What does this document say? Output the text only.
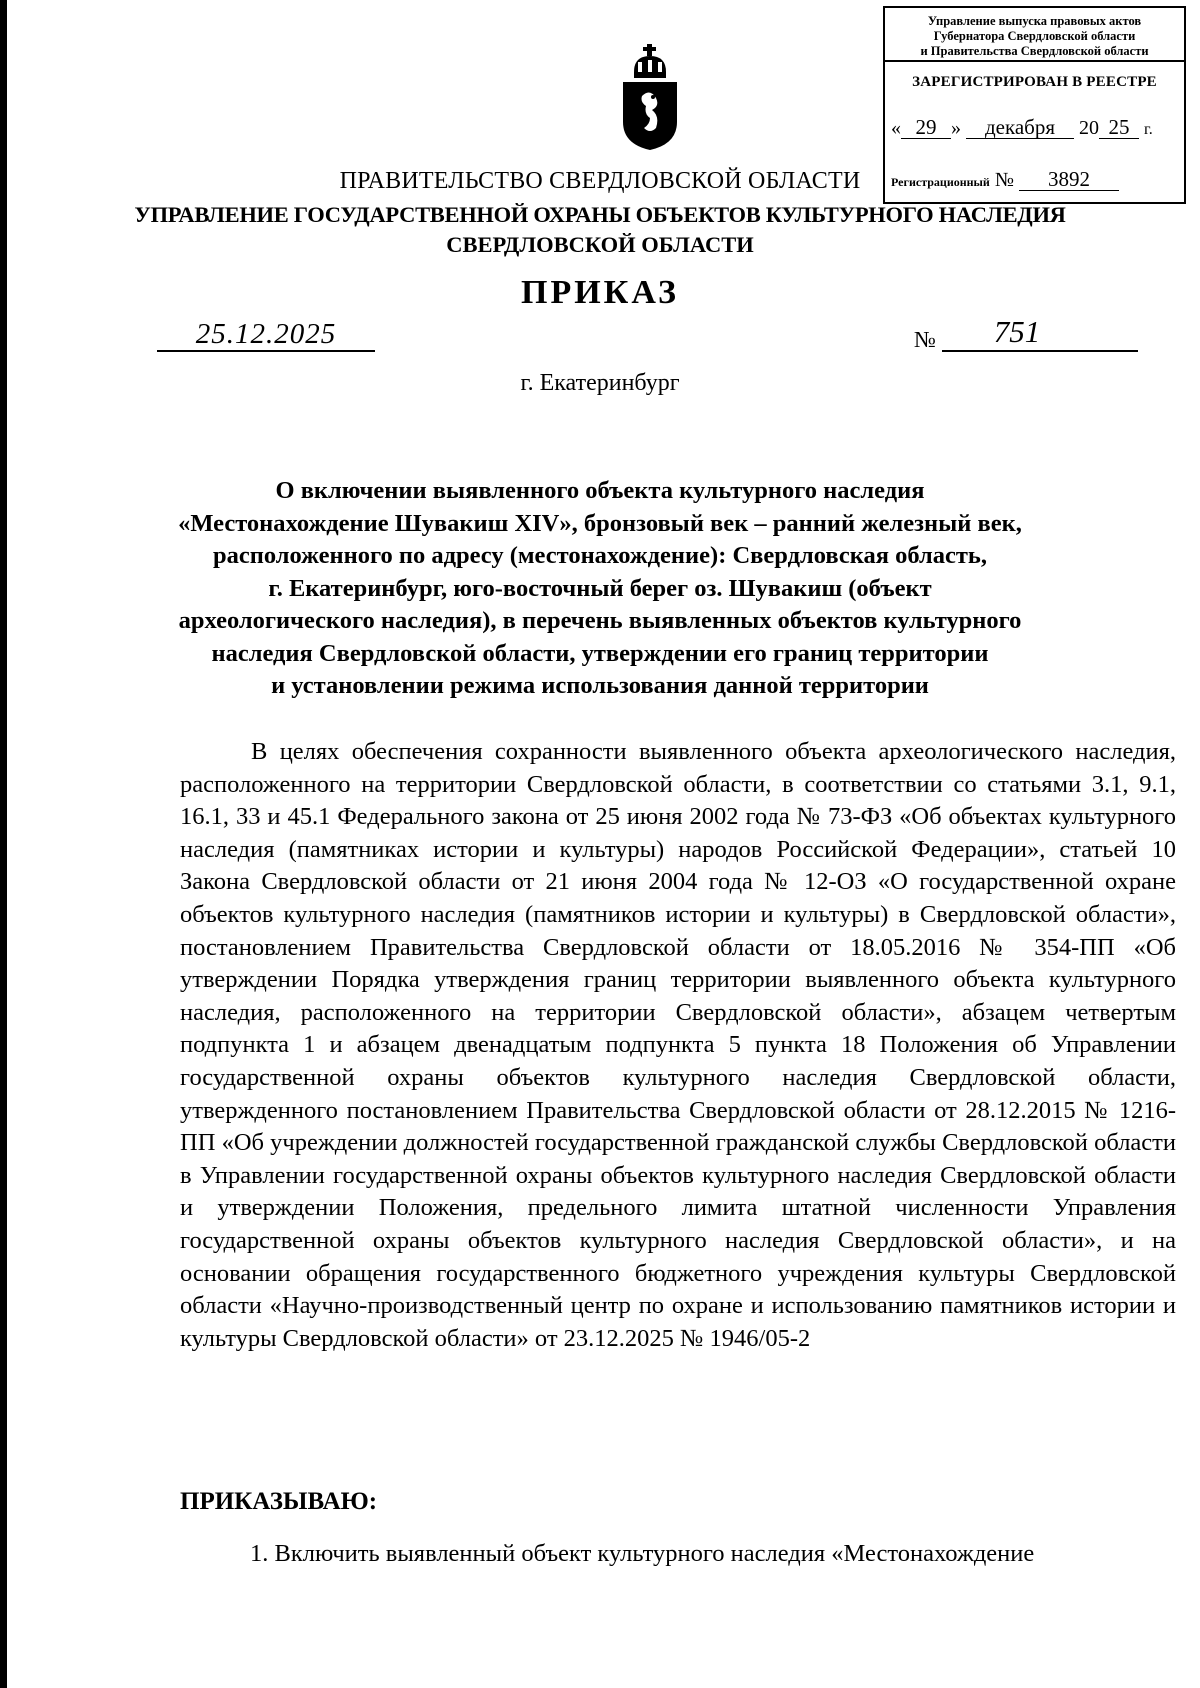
Управление выпуска правовых актов
Губернатора Свердловской области
и Правительства Свердловской области
ЗАРЕГИСТРИРОВАН В РЕЕСТРЕ
« 29 » декабря 20 25 г.
Регистрационный № 3892
ПРАВИТЕЛЬСТВО СВЕРДЛОВСКОЙ ОБЛАСТИ
УПРАВЛЕНИЕ ГОСУДАРСТВЕННОЙ ОХРАНЫ ОБЪЕКТОВ КУЛЬТУРНОГО НАСЛЕДИЯ
СВЕРДЛОВСКОЙ ОБЛАСТИ
ПРИКАЗ
25.12.2025	№	751
г. Екатеринбург
О включении выявленного объекта культурного наследия
«Местонахождение Шувакиш XIV», бронзовый век – ранний железный век,
расположенного по адресу (местонахождение): Свердловская область,
г. Екатеринбург, юго-восточный берег оз. Шувакиш (объект
археологического наследия), в перечень выявленных объектов культурного
наследия Свердловской области, утверждении его границ территории
и установлении режима использования данной территории
В целях обеспечения сохранности выявленного объекта археологического наследия, расположенного на территории Свердловской области, в соответствии со статьями 3.1, 9.1, 16.1, 33 и 45.1 Федерального закона от 25 июня 2002 года № 73-ФЗ «Об объектах культурного наследия (памятниках истории и культуры) народов Российской Федерации», статьей 10 Закона Свердловской области от 21 июня 2004 года № 12-ОЗ «О государственной охране объектов культурного наследия (памятников истории и культуры) в Свердловской области», постановлением Правительства Свердловской области от 18.05.2016 № 354-ПП «Об утверждении Порядка утверждения границ территории выявленного объекта культурного наследия, расположенного на территории Свердловской области», абзацем четвертым подпункта 1 и абзацем двенадцатым подпункта 5 пункта 18 Положения об Управлении государственной охраны объектов культурного наследия Свердловской области, утвержденного постановлением Правительства Свердловской области от 28.12.2015 № 1216-ПП «Об учреждении должностей государственной гражданской службы Свердловской области в Управлении государственной охраны объектов культурного наследия Свердловской области и утверждении Положения, предельного лимита штатной численности Управления государственной охраны объектов культурного наследия Свердловской области», и на основании обращения государственного бюджетного учреждения культуры Свердловской области «Научно-производственный центр по охране и использованию памятников истории и культуры Свердловской области» от 23.12.2025 № 1946/05-2
ПРИКАЗЫВАЮ:
1. Включить выявленный объект культурного наследия «Местонахождение
